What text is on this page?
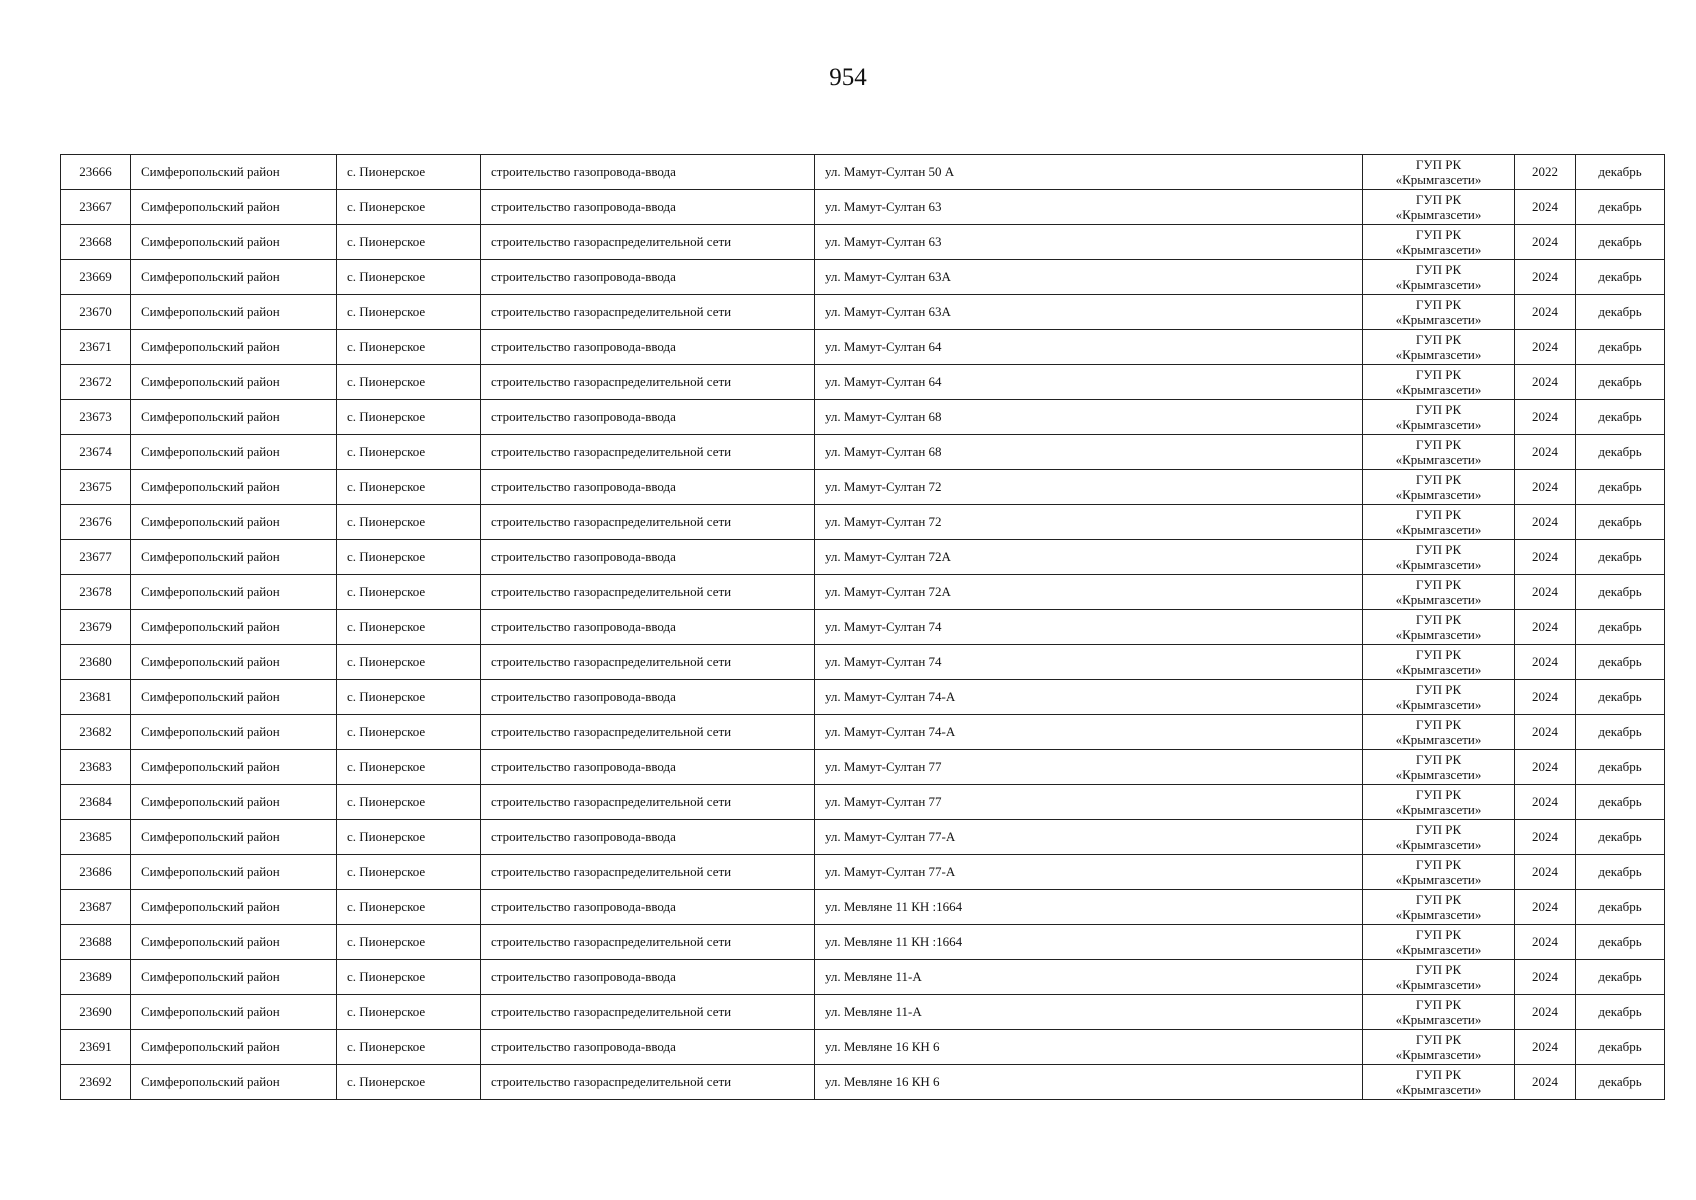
954
23666	Симферопольский район	с. Пионерское	строительство газопровода-ввода	ул. Мамут-Султан 50 А	ГУП РК
«Крымгазсети»	2022	декабрь
23667	Симферопольский район	с. Пионерское	строительство газопровода-ввода	ул. Мамут-Султан 63	ГУП РК
«Крымгазсети»	2024	декабрь
23668	Симферопольский район	с. Пионерское	строительство газораспределительной сети	ул. Мамут-Султан 63	ГУП РК
«Крымгазсети»	2024	декабрь
23669	Симферопольский район	с. Пионерское	строительство газопровода-ввода	ул. Мамут-Султан 63А	ГУП РК
«Крымгазсети»	2024	декабрь
23670	Симферопольский район	с. Пионерское	строительство газораспределительной сети	ул. Мамут-Султан 63А	ГУП РК
«Крымгазсети»	2024	декабрь
23671	Симферопольский район	с. Пионерское	строительство газопровода-ввода	ул. Мамут-Султан 64	ГУП РК
«Крымгазсети»	2024	декабрь
23672	Симферопольский район	с. Пионерское	строительство газораспределительной сети	ул. Мамут-Султан 64	ГУП РК
«Крымгазсети»	2024	декабрь
23673	Симферопольский район	с. Пионерское	строительство газопровода-ввода	ул. Мамут-Султан 68	ГУП РК
«Крымгазсети»	2024	декабрь
23674	Симферопольский район	с. Пионерское	строительство газораспределительной сети	ул. Мамут-Султан 68	ГУП РК
«Крымгазсети»	2024	декабрь
23675	Симферопольский район	с. Пионерское	строительство газопровода-ввода	ул. Мамут-Султан 72	ГУП РК
«Крымгазсети»	2024	декабрь
23676	Симферопольский район	с. Пионерское	строительство газораспределительной сети	ул. Мамут-Султан 72	ГУП РК
«Крымгазсети»	2024	декабрь
23677	Симферопольский район	с. Пионерское	строительство газопровода-ввода	ул. Мамут-Султан 72А	ГУП РК
«Крымгазсети»	2024	декабрь
23678	Симферопольский район	с. Пионерское	строительство газораспределительной сети	ул. Мамут-Султан 72А	ГУП РК
«Крымгазсети»	2024	декабрь
23679	Симферопольский район	с. Пионерское	строительство газопровода-ввода	ул. Мамут-Султан 74	ГУП РК
«Крымгазсети»	2024	декабрь
23680	Симферопольский район	с. Пионерское	строительство газораспределительной сети	ул. Мамут-Султан 74	ГУП РК
«Крымгазсети»	2024	декабрь
23681	Симферопольский район	с. Пионерское	строительство газопровода-ввода	ул. Мамут-Султан 74-А	ГУП РК
«Крымгазсети»	2024	декабрь
23682	Симферопольский район	с. Пионерское	строительство газораспределительной сети	ул. Мамут-Султан 74-А	ГУП РК
«Крымгазсети»	2024	декабрь
23683	Симферопольский район	с. Пионерское	строительство газопровода-ввода	ул. Мамут-Султан 77	ГУП РК
«Крымгазсети»	2024	декабрь
23684	Симферопольский район	с. Пионерское	строительство газораспределительной сети	ул. Мамут-Султан 77	ГУП РК
«Крымгазсети»	2024	декабрь
23685	Симферопольский район	с. Пионерское	строительство газопровода-ввода	ул. Мамут-Султан 77-А	ГУП РК
«Крымгазсети»	2024	декабрь
23686	Симферопольский район	с. Пионерское	строительство газораспределительной сети	ул. Мамут-Султан 77-А	ГУП РК
«Крымгазсети»	2024	декабрь
23687	Симферопольский район	с. Пионерское	строительство газопровода-ввода	ул. Мевляне 11 КН :1664	ГУП РК
«Крымгазсети»	2024	декабрь
23688	Симферопольский район	с. Пионерское	строительство газораспределительной сети	ул. Мевляне 11 КН :1664	ГУП РК
«Крымгазсети»	2024	декабрь
23689	Симферопольский район	с. Пионерское	строительство газопровода-ввода	ул. Мевляне 11-А	ГУП РК
«Крымгазсети»	2024	декабрь
23690	Симферопольский район	с. Пионерское	строительство газораспределительной сети	ул. Мевляне 11-А	ГУП РК
«Крымгазсети»	2024	декабрь
23691	Симферопольский район	с. Пионерское	строительство газопровода-ввода	ул. Мевляне 16 КН 6	ГУП РК
«Крымгазсети»	2024	декабрь
23692	Симферопольский район	с. Пионерское	строительство газораспределительной сети	ул. Мевляне 16 КН 6	ГУП РК
«Крымгазсети»	2024	декабрь
